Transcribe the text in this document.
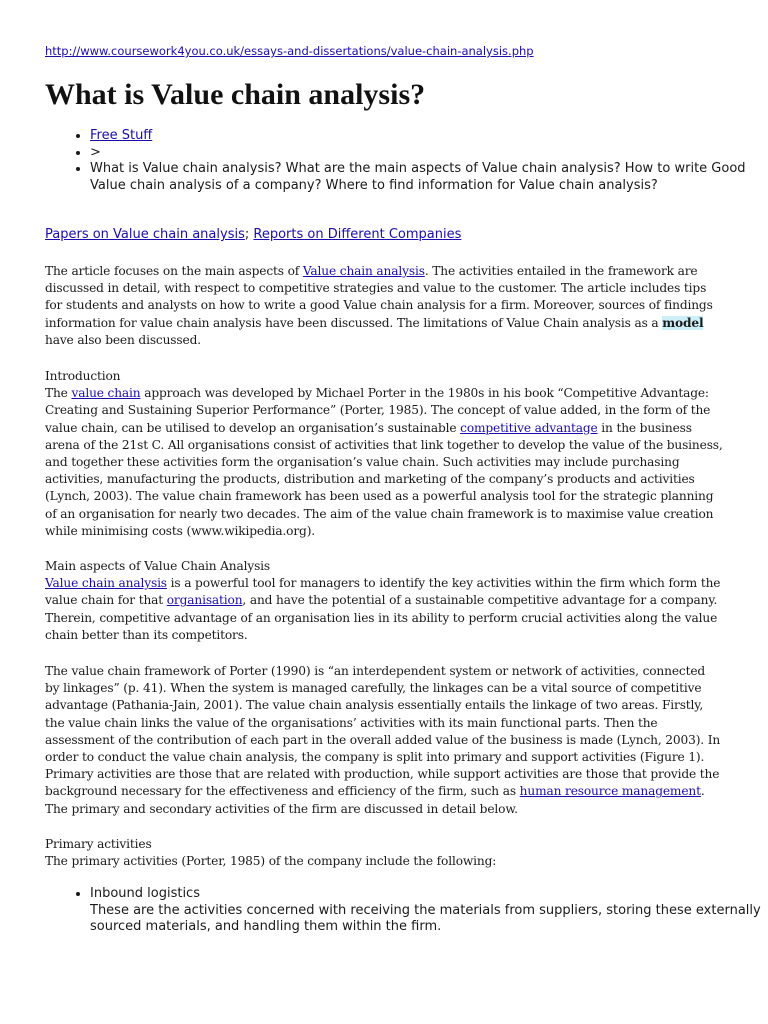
http://www.coursework4you.co.uk/essays-and-dissertations/value-chain-analysis.php
What is Value chain analysis?
• Free Stuff
• >
• What is Value chain analysis? What are the main aspects of Value chain analysis? How to write Good Value chain analysis of a company? Where to find information for Value chain analysis?
Papers on Value chain analysis; Reports on Different Companies
The article focuses on the main aspects of Value chain analysis. The activities entailed in the framework are discussed in detail, with respect to competitive strategies and value to the customer. The article includes tips for students and analysts on how to write a good Value chain analysis for a firm. Moreover, sources of findings information for value chain analysis have been discussed. The limitations of Value Chain analysis as a model have also been discussed.
Introduction
The value chain approach was developed by Michael Porter in the 1980s in his book “Competitive Advantage: Creating and Sustaining Superior Performance” (Porter, 1985). The concept of value added, in the form of the value chain, can be utilised to develop an organisation’s sustainable competitive advantage in the business arena of the 21st C. All organisations consist of activities that link together to develop the value of the business, and together these activities form the organisation’s value chain. Such activities may include purchasing activities, manufacturing the products, distribution and marketing of the company’s products and activities (Lynch, 2003). The value chain framework has been used as a powerful analysis tool for the strategic planning of an organisation for nearly two decades. The aim of the value chain framework is to maximise value creation while minimising costs (www.wikipedia.org).
Main aspects of Value Chain Analysis
Value chain analysis is a powerful tool for managers to identify the key activities within the firm which form the value chain for that organisation, and have the potential of a sustainable competitive advantage for a company. Therein, competitive advantage of an organisation lies in its ability to perform crucial activities along the value chain better than its competitors.
The value chain framework of Porter (1990) is “an interdependent system or network of activities, connected by linkages” (p. 41). When the system is managed carefully, the linkages can be a vital source of competitive advantage (Pathania-Jain, 2001). The value chain analysis essentially entails the linkage of two areas. Firstly, the value chain links the value of the organisations’ activities with its main functional parts. Then the assessment of the contribution of each part in the overall added value of the business is made (Lynch, 2003). In order to conduct the value chain analysis, the company is split into primary and support activities (Figure 1). Primary activities are those that are related with production, while support activities are those that provide the background necessary for the effectiveness and efficiency of the firm, such as human resource management. The primary and secondary activities of the firm are discussed in detail below.
Primary activities
The primary activities (Porter, 1985) of the company include the following:
• Inbound logistics
These are the activities concerned with receiving the materials from suppliers, storing these externally sourced materials, and handling them within the firm.
